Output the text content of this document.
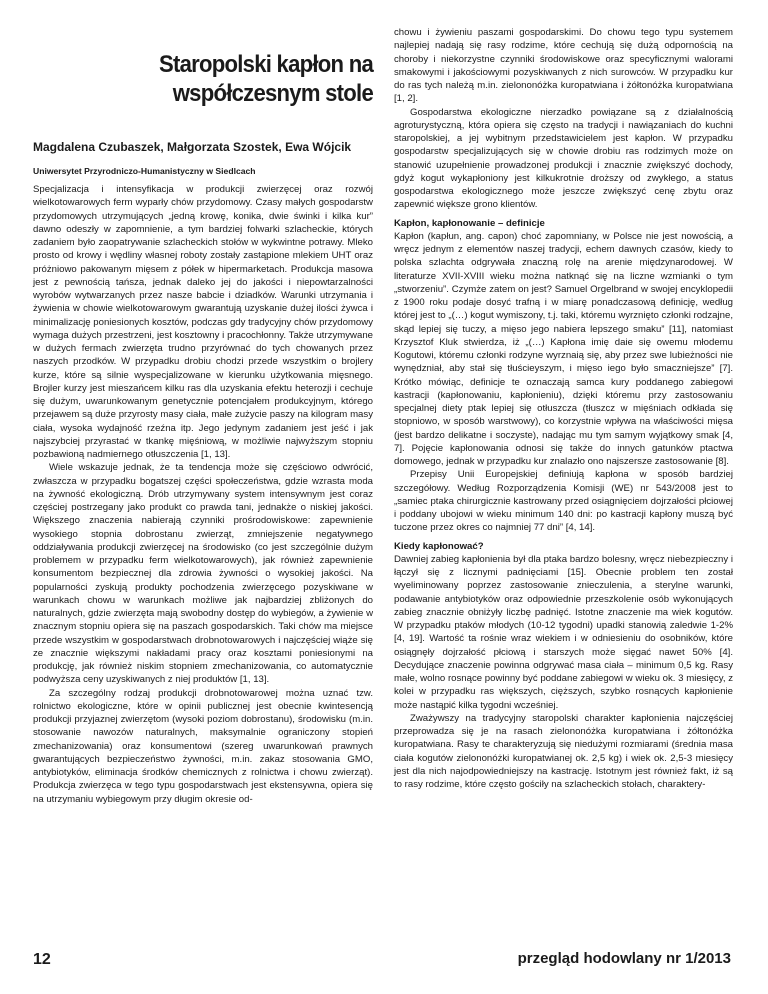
Staropolski kapłon na
współczesnym stole
Magdalena Czubaszek, Małgorzata Szostek, Ewa Wójcik
Uniwersytet Przyrodniczo-Humanistyczny w Siedlcach

Specjalizacja i intensyfikacja w produkcji zwierzęcej oraz rozwój wielkotowarowych ferm wyparły chów przydomowy. Czasy małych gospodarstw przydomowych utrzymujących „jedną krowę, konika, dwie świnki i kilka kur” dawno odeszły w zapomnienie, a tym bardziej folwarki szlacheckie, których zadaniem było zaopatrywanie szlacheckich stołów w wykwintne potrawy. Mleko prosto od krowy i wędliny własnej roboty zostały zastąpione mlekiem UHT oraz próżniowo pakowanym mięsem z półek w hipermarketach. Produkcja masowa jest z pewnością tańsza, jednak daleko jej do jakości i niepowtarzalności wyrobów wytwarzanych przez nasze babcie i dziadków. Warunki utrzymania i żywienia w chowie wielkotowarowym gwarantują uzyskanie dużej ilości żywca i minimalizację poniesionych kosztów, podczas gdy tradycyjny chów przydomowy wymaga dużych przestrzeni, jest kosztowny i pracochłonny. Także utrzymywane w dużych fermach zwierzęta trudno przyrównać do tych chowanych przez naszych przodków. W przypadku drobiu chodzi przede wszystkim o brojlery kurze, które są silnie wyspecjalizowane w kierunku użytkowania mięsnego. Brojler kurzy jest mieszańcem kilku ras dla uzyskania efektu heterozji i cechuje się dużym, uwarunkowanym genetycznie potencjałem produkcyjnym, którego przejawem są duże przyrosty masy ciała, małe zużycie paszy na kilogram masy ciała, wysoka wydajność rzeźna itp. Jego jedynym zadaniem jest jeść i jak najszybciej przyrastać w tkankę mięśniową, w możliwie najwyższym stopniu pozbawioną nadmiernego otłuszczenia [1, 13].

Wiele wskazuje jednak, że ta tendencja może się częściowo odwrócić, zwłaszcza w przypadku bogatszej części społeczeństwa, gdzie wzrasta moda na żywność ekologiczną. Drób utrzymywany system intensywnym jest coraz częściej postrzegany jako produkt co prawda tani, jednakże o niskiej jakości. Większego znaczenia nabierają czynniki prośrodowiskowe: zapewnienie wysokiego stopnia dobrostanu zwierząt, zmniejszenie negatywnego oddziaływania produkcji zwierzęcej na środowisko (co jest szczególnie dużym problemem w przypadku ferm wielkotowarowych), jak również zapewnienie konsumentom bezpiecznej dla zdrowia żywności o wysokiej jakości. Na popularności zyskują produkty pochodzenia zwierzęcego pozyskiwane w warunkach chowu w warunkach możliwe jak najbardziej zbliżonych do naturalnych, gdzie zwierzęta mają swobodny dostęp do wybiegów, a żywienie w znacznym stopniu opiera się na paszach gospodarskich. Taki chów ma miejsce przede wszystkim w gospodarstwach drobnotowarowych i najczęściej wiąże się ze znacznie większymi nakładami pracy oraz kosztami poniesionymi na produkcję, jak również niskim stopniem zmechanizowania, co automatycznie podwyższa ceny uzyskiwanych z niej produktów [1, 13].

Za szczególny rodzaj produkcji drobnotowarowej można uznać tzw. rolnictwo ekologiczne, które w opinii publicznej jest obecnie kwintesencją produkcji przyjaznej zwierzętom (wysoki poziom dobrostanu), środowisku (m.in. stosowanie nawozów naturalnych, maksymalnie ograniczony stopień zmechanizowania) oraz konsumentowi (szereg uwarunkowań prawnych gwarantujących bezpieczeństwo żywności, m.in. zakaz stosowania GMO, antybiotyków, eliminacja środków chemicznych z rolnictwa i chowu zwierząt). Produkcja zwierzęca w tego typu gospodarstwach jest ekstensywna, opiera się na utrzymaniu wybiegowym przy długim okresie od-

chowu i żywieniu paszami gospodarskimi. Do chowu tego typu systemem najlepiej nadają się rasy rodzime, które cechują się dużą odpornością na choroby i niekorzystne czynniki środowiskowe oraz specyficznymi walorami smakowymi i jakościowymi pozyskiwanych z nich surowców. W przypadku kur do ras tych należą m.in. zielononóżka kuropatwiana i żółtonóżka kuropatwiana [1, 2].

Gospodarstwa ekologiczne nierzadko powiązane są z działalnością agroturystyczną, która opiera się często na tradycji i nawiązaniach do kuchni staropolskiej, a jej wybitnym przedstawicielem jest kapłon. W przypadku gospodarstw specjalizujących się w chowie drobiu ras rodzimych może on stanowić uzupełnienie prowadzonej produkcji i znacznie zwiększyć dochody, gdyż kogut wykapłoniony jest kilkukrotnie droższy od zwykłego, a status gospodarstwa ekologicznego może jeszcze zwiększyć cenę zbytu oraz zapewnić większe grono klientów.

Kapłon, kapłonowanie – definicje

Kapłon (kapłun, ang. capon) choć zapomniany, w Polsce nie jest nowością, a wręcz jednym z elementów naszej tradycji, echem dawnych czasów, kiedy to polska szlachta odgrywała znaczną rolę na arenie międzynarodowej. W literaturze XVII-XVIII wieku można natknąć się na liczne wzmianki o tym „stworzeniu”. Czymże zatem on jest? Samuel Orgelbrand w swojej encyklopedii z 1900 roku podaje dosyć trafną i w miarę ponadczasową definicję, według której jest to „(…) kogut wymiszony, t.j. taki, któremu wyrznięto członki rodzajne, skąd lepiej się tuczy, a mięso jego nabiera lepszego smaku” [11], natomiast Krzysztof Kluk stwierdza, iż „(…) Kapłona imię daie się owemu młodemu Kogutowi, któremu członki rodzyne wyrznaią się, aby przez swe lubieżności nie wynędzniał, aby stał się tłuścieyszym, i mięso iego było smaczniejsze” [7]. Krótko mówiąc, definicje te oznaczają samca kury poddanego zabiegowi kastracji (kapłonowaniu, kapłonieniu), dzięki któremu przy zastosowaniu specjalnej diety ptak lepiej się otłuszcza (tłuszcz w mięśniach odkłada się stopniowo, w sposób warstwowy), co korzystnie wpływa na właściwości mięsa (jest bardzo delikatne i soczyste), nadając mu tym samym wyjątkowy smak [4, 7]. Pojęcie kapłonowania odnosi się także do innych gatunków ptactwa domowego, jednak w przypadku kur znalazło ono najszersze zastosowanie [8].

Przepisy Unii Europejskiej definiują kapłona w sposób bardziej szczegółowy. Według Rozporządzenia Komisji (WE) nr 543/2008 jest to „samiec ptaka chirurgicznie kastrowany przed osiągnięciem dojrzałości płciowej i poddany ubojowi w wieku minimum 140 dni: po kastracji kapłony muszą być tuczone przez okres co najmniej 77 dni” [4, 14].

Kiedy kapłonować?

Dawniej zabieg kapłonienia był dla ptaka bardzo bolesny, wręcz niebezpieczny i łączył się z licznymi padnięciami [15]. Obecnie problem ten został wyeliminowany poprzez zastosowanie znieczulenia, a sterylne warunki, podawanie antybiotyków oraz odpowiednie przeszkolenie osób wykonujących zabieg znacznie obniżyły liczbę padnięć. Istotne znaczenie ma wiek kogutów. W przypadku ptaków młodych (10-12 tygodni) upadki stanowią zaledwie 1-2% [4, 19]. Wartość ta rośnie wraz wiekiem i w odniesieniu do osobników, które osiągnęły dojrzałość płciową i starszych może sięgać nawet 50% [4]. Decydujące znaczenie powinna odgrywać masa ciała – minimum 0,5 kg. Rasy małe, wolno rosnące powinny być poddane zabiegowi w wieku ok. 3 miesięcy, z kolei w przypadku ras większych, cięższych, szybko rosnących kapłonienie może nastąpić kilka tygodni wcześniej.

Zważywszy na tradycyjny staropolski charakter kapłonienia najczęściej przeprowadza się je na rasach zielononóżka kuropatwiana i żółtonóżka kuropatwiana. Rasy te charakteryzują się niedużymi rozmiarami (średnia masa ciała kogutów zielononóżki kuropatwianej ok. 2,5 kg) i wiek ok. 2,5-3 miesięcy jest dla nich najodpowiedniejszy na kastrację. Istotnym jest również fakt, iż są to rasy rodzime, które często gościły na szlacheckich stołach, charaktery-

12	przegląd hodowlany nr 1/2013
